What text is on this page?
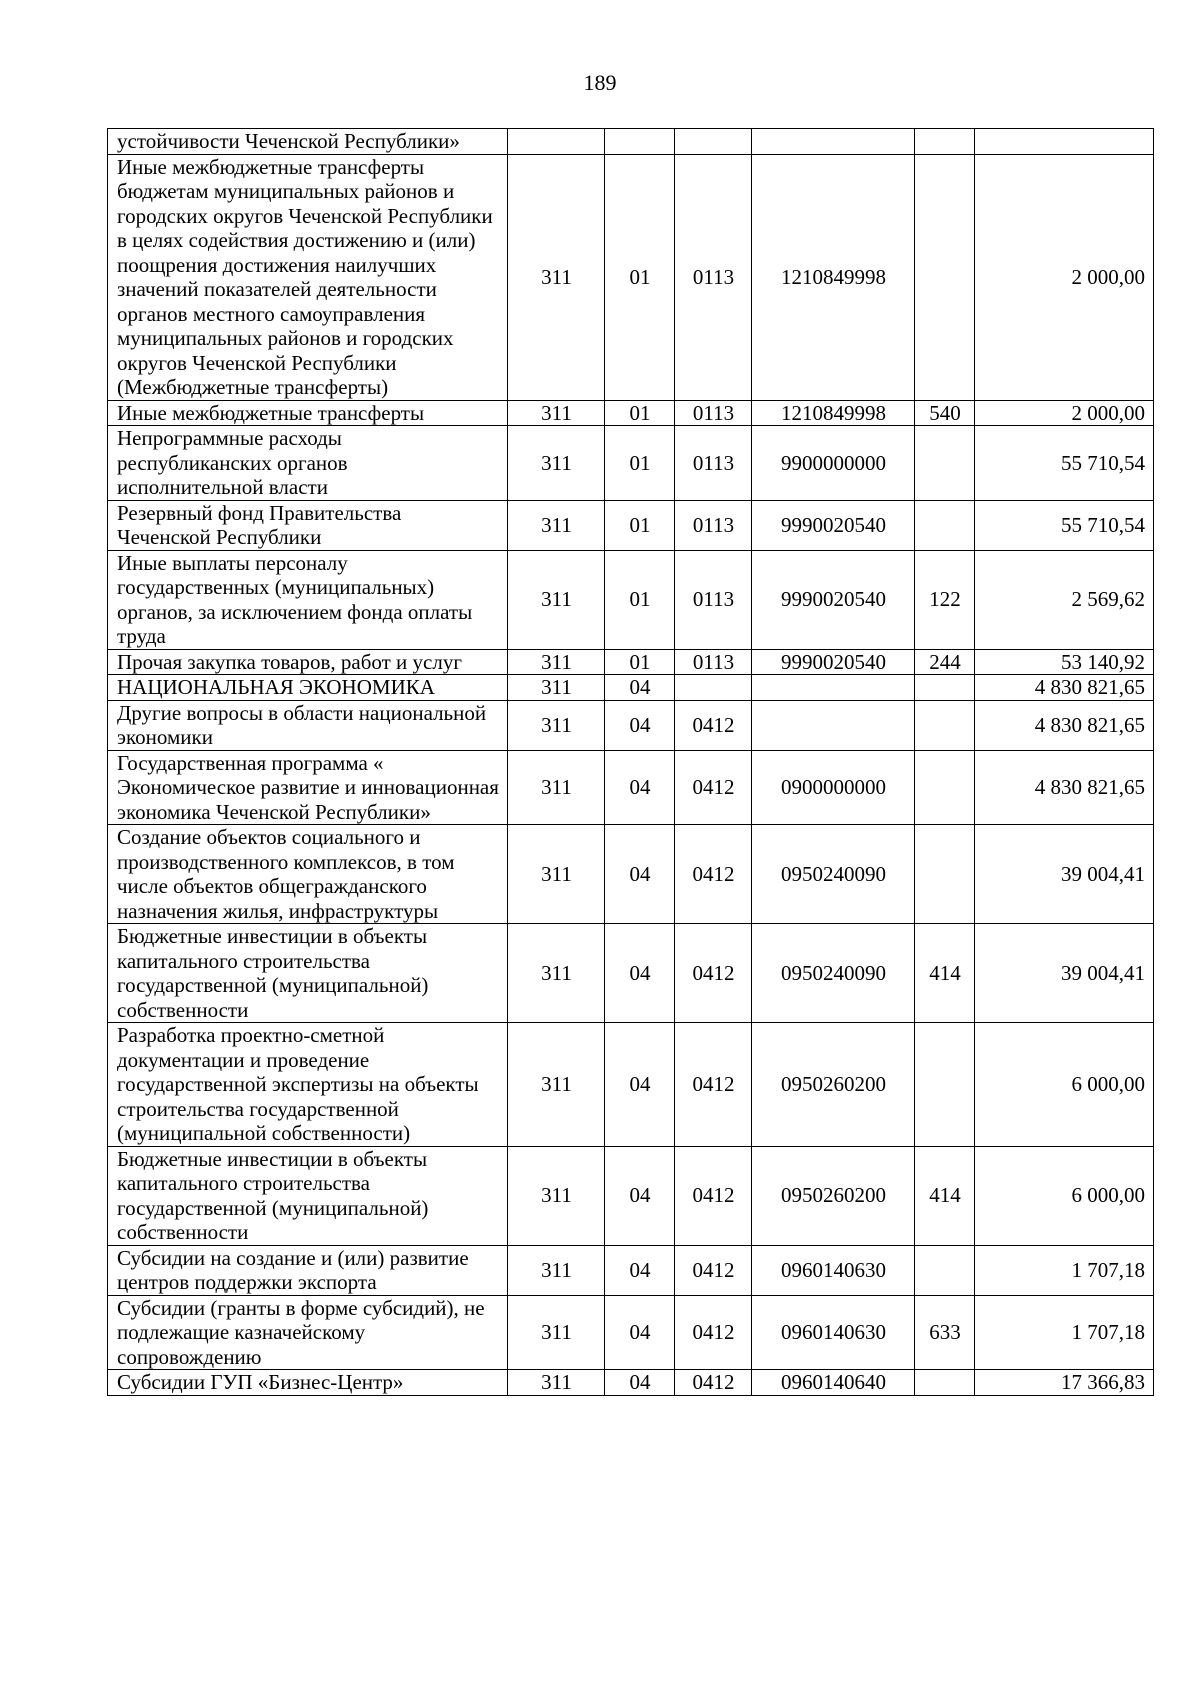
189
устойчивости Чеченской Республики»						
Иные межбюджетные трансферты бюджетам муниципальных районов и городских округов Чеченской Республики в целях содействия достижению и (или) поощрения достижения наилучших значений показателей деятельности органов местного самоуправления муниципальных районов и городских округов Чеченской Республики (Межбюджетные трансферты)	311	01	0113	1210849998		2 000,00
Иные межбюджетные трансферты	311	01	0113	1210849998	540	2 000,00
Непрограммные расходы республиканских органов исполнительной власти	311	01	0113	9900000000		55 710,54
Резервный фонд Правительства Чеченской Республики	311	01	0113	9990020540		55 710,54
Иные выплаты персоналу государственных (муниципальных) органов, за исключением фонда оплаты труда	311	01	0113	9990020540	122	2 569,62
Прочая закупка товаров, работ и услуг	311	01	0113	9990020540	244	53 140,92
НАЦИОНАЛЬНАЯ ЭКОНОМИКА	311	04				4 830 821,65
Другие вопросы в области национальной экономики	311	04	0412			4 830 821,65
Государственная программа « Экономическое развитие и инновационная экономика Чеченской Республики»	311	04	0412	0900000000		4 830 821,65
Создание объектов социального и производственного комплексов, в том числе объектов общегражданского назначения жилья, инфраструктуры	311	04	0412	0950240090		39 004,41
Бюджетные инвестиции в объекты капитального строительства государственной (муниципальной) собственности	311	04	0412	0950240090	414	39 004,41
Разработка проектно-сметной документации и проведение государственной экспертизы на объекты строительства государственной (муниципальной собственности)	311	04	0412	0950260200		6 000,00
Бюджетные инвестиции в объекты капитального строительства государственной (муниципальной) собственности	311	04	0412	0950260200	414	6 000,00
Субсидии на создание и (или) развитие центров поддержки экспорта	311	04	0412	0960140630		1 707,18
Субсидии (гранты в форме субсидий), не подлежащие казначейскому сопровождению	311	04	0412	0960140630	633	1 707,18
Субсидии ГУП «Бизнес-Центр»	311	04	0412	0960140640		17 366,83
